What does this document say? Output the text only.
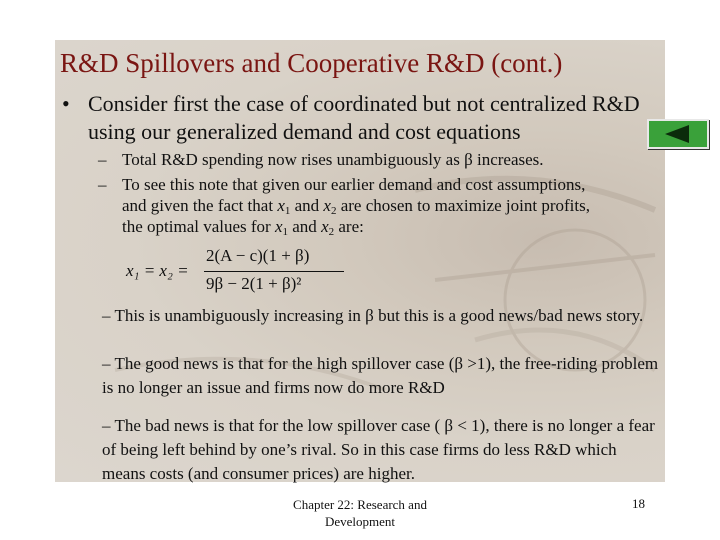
R&D Spillovers and Cooperative R&D (cont.)
• Consider first the case of coordinated but not centralized R&D using our generalized demand and cost equations
– Total R&D spending now rises unambiguously as β increases.
– To see this note that given our earlier demand and cost assumptions,
and given the fact that $x_1$ and $x_2$ are chosen to maximize joint profits,
the optimal values for $x_1$ and $x_2$ are:
x₁ = x₂ =
2(A − c)(1 + β)
9β − 2(1 + β)²
– This is unambiguously increasing in β but this is a good news/bad news story.
– The good news is that for the high spillover case (β >1), the free-riding problem is no longer an issue and firms now do more R&D
– The bad news is that for the low spillover case ( β < 1), there is no longer a fear of being left behind by one’s rival. So in this case firms do less R&D which means costs (and consumer prices) are higher.
Chapter 22: Research and Development
18
